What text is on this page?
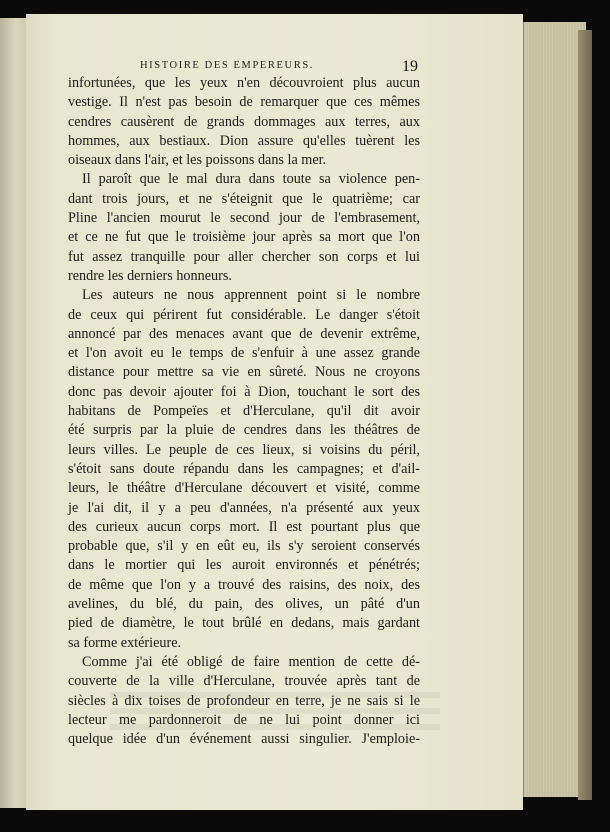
HISTOIRE DES EMPEREURS.	19
infortunées, que les yeux n'en découvroient plus aucun
vestige. Il n'est pas besoin de remarquer que ces mêmes
cendres causèrent de grands dommages aux terres, aux
hommes, aux bestiaux. Dion assure qu'elles tuèrent les
oiseaux dans l'air, et les poissons dans la mer.
Il paroît que le mal dura dans toute sa violence pen-
dant trois jours, et ne s'éteignit que le quatrième; car
Pline l'ancien mourut le second jour de l'embrasement,
et ce ne fut que le troisième jour après sa mort que l'on
fut assez tranquille pour aller chercher son corps et lui
rendre les derniers honneurs.
Les auteurs ne nous apprennent point si le nombre
de ceux qui périrent fut considérable. Le danger s'étoit
annoncé par des menaces avant que de devenir extrême,
et l'on avoit eu le temps de s'enfuir à une assez grande
distance pour mettre sa vie en sûreté. Nous ne croyons
donc pas devoir ajouter foi à Dion, touchant le sort des
habitans de Pompeïes et d'Herculane, qu'il dit avoir
été surpris par la pluie de cendres dans les théâtres de
leurs villes. Le peuple de ces lieux, si voisins du péril,
s'étoit sans doute répandu dans les campagnes; et d'ail-
leurs, le théâtre d'Herculane découvert et visité, comme
je l'ai dit, il y a peu d'années, n'a présenté aux yeux
des curieux aucun corps mort. Il est pourtant plus que
probable que, s'il y en eût eu, ils s'y seroient conservés
dans le mortier qui les auroit environnés et pénétrés;
de même que l'on y a trouvé des raisins, des noix, des
avelines, du blé, du pain, des olives, un pâté d'un
pied de diamètre, le tout brûlé en dedans, mais gardant
sa forme extérieure.
Comme j'ai été obligé de faire mention de cette dé-
couverte de la ville d'Herculane, trouvée après tant de
siècles à dix toises de profondeur en terre, je ne sais si le
lecteur me pardonneroit de ne lui point donner ici
quelque idée d'un événement aussi singulier. J'emploie-
